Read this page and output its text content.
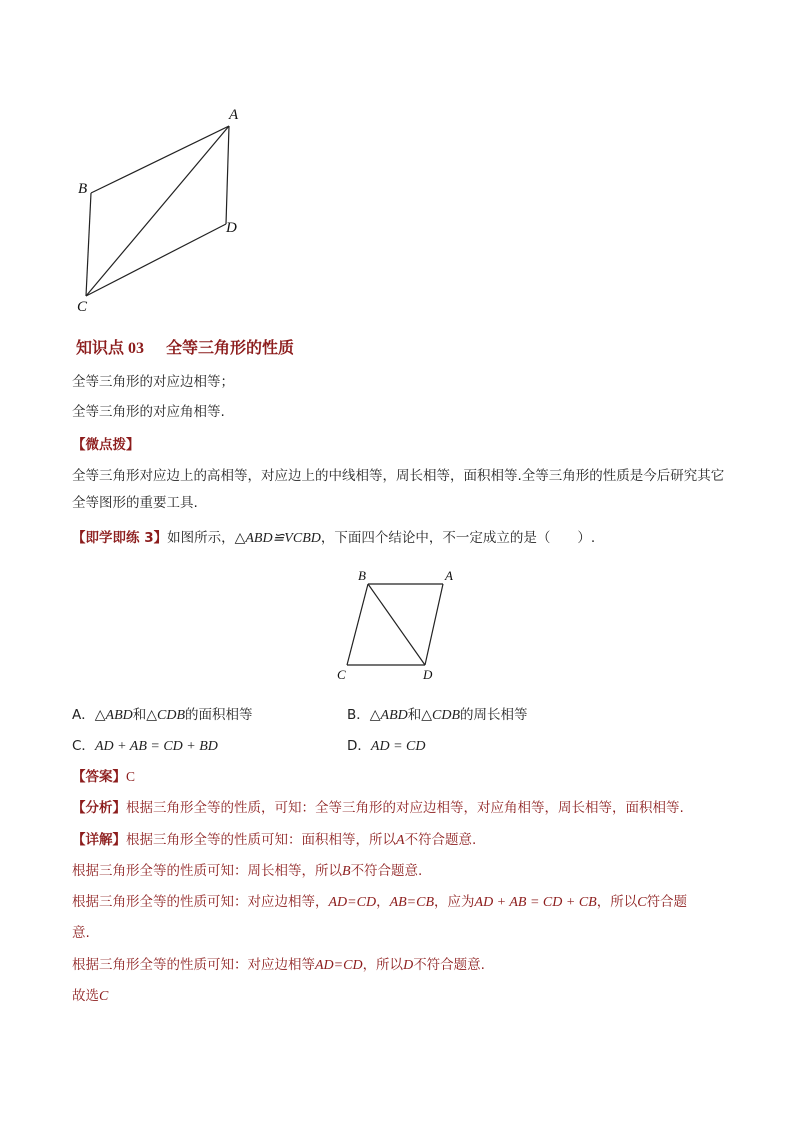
A
B
C
D
知识点 03 全等三角形的性质
全等三角形的对应边相等；
全等三角形的对应角相等.
【微点拨】
全等三角形对应边上的高相等，对应边上的中线相等，周长相等，面积相等.全等三角形的性质是今后研究其它全等图形的重要工具.
【即学即练 3】如图所示，△ABD≌VCBD，下面四个结论中，不一定成立的是（　　）.
B	A
C	D
A．△ABD和△CDB的面积相等	B．△ABD和△CDB的周长相等
C．AD + AB = CD + BD	D．AD = CD
【答案】C
【分析】根据三角形全等的性质，可知：全等三角形的对应边相等，对应角相等，周长相等，面积相等.
【详解】根据三角形全等的性质可知：面积相等，所以A不符合题意.
根据三角形全等的性质可知：周长相等，所以B不符合题意.
根据三角形全等的性质可知：对应边相等，AD=CD，AB=CB，应为AD + AB = CD + CB，所以C符合题
意.
根据三角形全等的性质可知：对应边相等AD=CD，所以D不符合题意.
故选C
